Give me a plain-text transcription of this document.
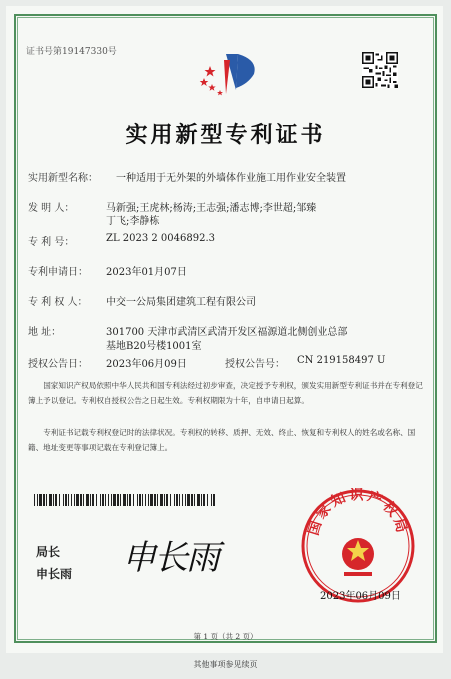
证书号第19147330号
实用新型专利证书
实用新型名称： 一种适用于无外架的外墙体作业施工用作业安全装置
发 明 人：	马新强;王虎林;杨涛;王志强;潘志博;李世超;邹臻
丁飞;李静栋
专 利 号：	ZL 2023 2 0046892.3
专利申请日： 2023年01月07日
专 利 权 人： 中交一公局集团建筑工程有限公司
地 址：	301700 天津市武清区武清开发区福源道北侧创业总部
基地B20号楼1001室
授权公告日： 2023年06月09日	授权公告号： CN 219158497 U
国家知识产权局依照中华人民共和国专利法经过初步审查，决定授予专利权，颁发实用新型专利证书并在专利登记簿上予以登记。专利权自授权公告之日起生效。专利权期限为十年，自申请日起算。
专利证书记载专利权登记时的法律状况。专利权的转移、质押、无效、终止、恢复和专利权人的姓名或名称、国籍、地址变更等事项记载在专利登记簿上。
局长
申长雨 申长雨
国家知识产权局
2023年06月09日
第 1 页（共 2 页）
其他事项参见续页
